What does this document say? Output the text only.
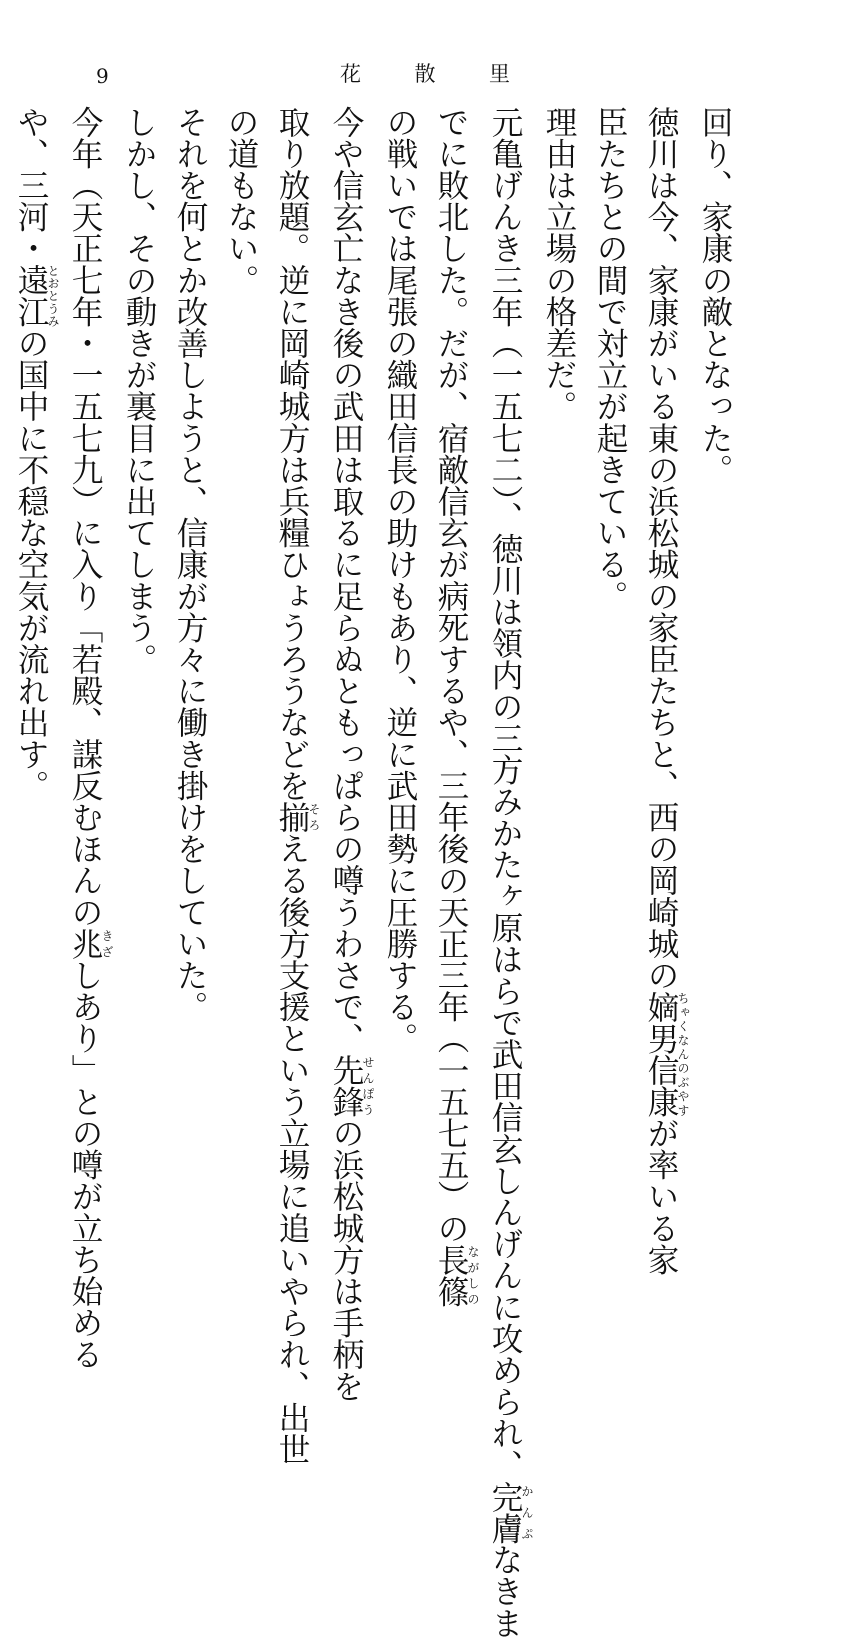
9	花	散	里
回り、家康の敵となった。
徳川は今、家康がいる東の浜松城の家臣たちと、西の岡崎城の嫡男信康ちゃくなんのぶやすが率いる家
臣たちとの間で対立が起きている。
理由は立場の格差だ。
元亀げんき三年（一五七二）、徳川は領内の三方みかたヶ原はらで武田信玄しんげんに攻められ、完膚かんぷなきま
でに敗北した。だが、宿敵信玄が病死するや、三年後の天正三年（一五七五）の長篠ながしの
の戦いでは尾張の織田信長の助けもあり、逆に武田勢に圧勝する。
今や信玄亡なき後の武田は取るに足らぬともっぱらの噂うわさで、先鋒せんぽうの浜松城方は手柄を
取り放題。逆に岡崎城方は兵糧ひょうろうなどを揃そろえる後方支援という立場に追いやられ、出世
の道もない。
それを何とか改善しようと、信康が方々に働き掛けをしていた。
しかし、その動きが裏目に出てしまう。
今年（天正七年・一五七九）に入り「若殿、謀反むほんの兆きざしあり」との噂が立ち始める
や、三河・遠江とおとうみの国中に不穏な空気が流れ出す。
